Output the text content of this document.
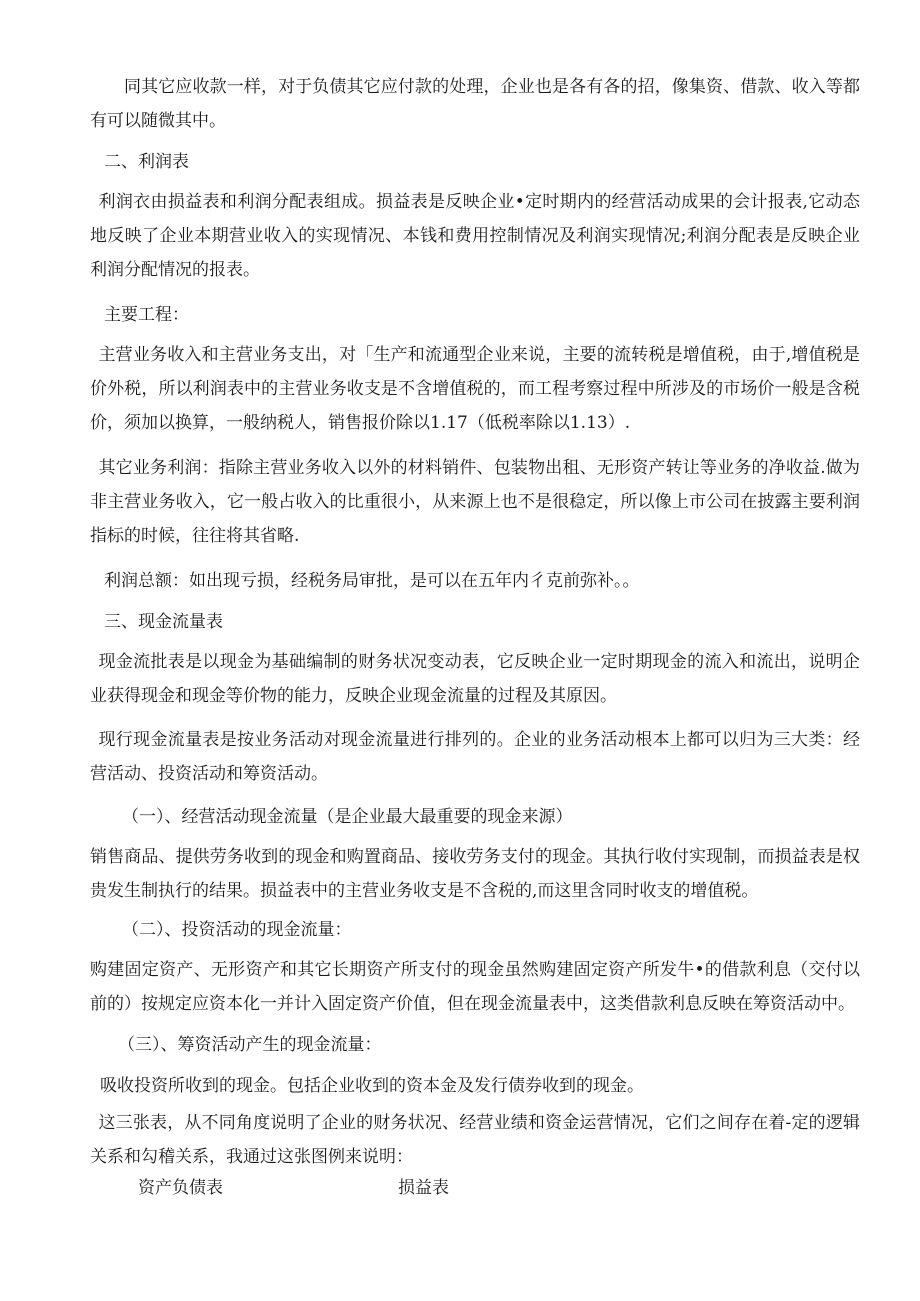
同其它应收款一样，对于负债其它应付款的处理，企业也是各有各的招，像集资、借款、收入等都有可以随微其中。

二、利润表

利润衣由损益表和利润分配表组成。损益表是反映企业•定时期内的经营活动成果的会计报表,它动态地反映了企业本期营业收入的实现情况、本钱和费用控制情况及利润实现情况;利润分配表是反映企业利润分配情况的报表。

主要工程：

主营业务收入和主营业务支出，对「生产和流通型企业来说，主要的流转税是增值税，由于,增值税是价外税，所以利润表中的主营业务收支是不含增值税的，而工程考察过程中所涉及的市场价一般是含税价，须加以换算，一般纳税人，销售报价除以1.17（低税率除以1.13）.

其它业务利润：指除主营业务收入以外的材料销件、包装物出租、无形资产转让等业务的净收益.做为非主营业务收入，它一般占收入的比重很小，从来源上也不是很稳定，所以像上市公司在披露主要利润指标的时候，往往将其省略.

利润总额：如出现亏损，经税务局审批，是可以在五年内彳克前弥补。。

三、现金流量表

现金流批表是以现金为基础编制的财务状况变动表，它反映企业一定时期现金的流入和流出，说明企业获得现金和现金等价物的能力，反映企业现金流量的过程及其原因。

现行现金流量表是按业务活动对现金流量进行排列的。企业的业务活动根本上都可以归为三大类：经营活动、投资活动和筹资活动。

（一）、经营活动现金流量（是企业最大最重要的现金来源）

销售商品、提供劳务收到的现金和购置商品、接收劳务支付的现金。其执行收付实现制，而损益表是权贵发生制执行的结果。损益表中的主营业务收支是不含税的,而这里含同时收支的增值税。

（二）、投资活动的现金流量：

购建固定资产、无形资产和其它长期资产所支付的现金虽然购建固定资产所发牛•的借款利息（交付以前的）按规定应资本化一并计入固定资产价值，但在现金流量表中，这类借款利息反映在筹资活动中。

（三）、筹资活动产生的现金流量：

吸收投资所收到的现金。包括企业收到的资本金及发行债券收到的现金。

这三张表，从不同角度说明了企业的财务状况、经营业绩和资金运营情况，它们之间存在着-定的逻辑关系和勾稽关系，我通过这张图例来说明：

资产负债表	损益表
